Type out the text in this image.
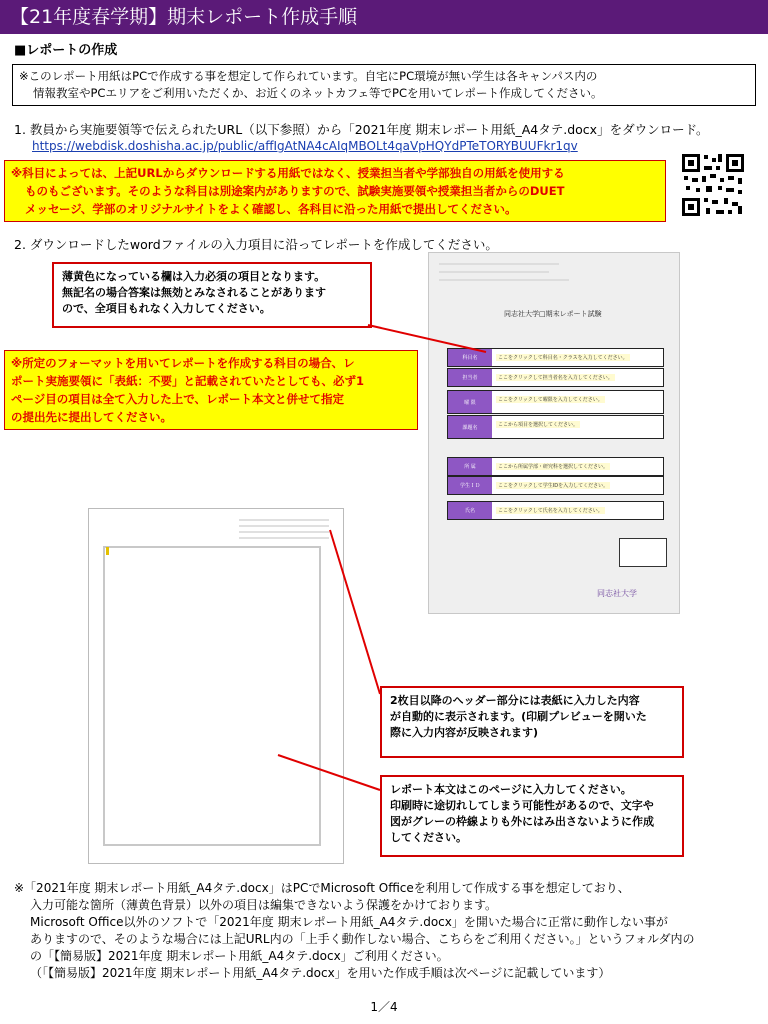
【21年度春学期】期末レポート作成手順
■レポートの作成
※このレポート用紙はPCで作成する事を想定して作られています。自宅にPC環境が無い学生は各キャンパス内の
情報教室やPCエリアをご利用いただくか、お近くのネットカフェ等でPCを用いてレポート作成してください。
1. 教員から実施要領等で伝えられたURL（以下参照）から「2021年度 期末レポート用紙_A4タテ.docx」をダウンロード。
https://webdisk.doshisha.ac.jp/public/affIgAtNA4cAIqMBOLt4qaVpHQYdPTeTORYBUUFkr1qv
※科目によっては、上記URLからダウンロードする用紙ではなく、授業担当者や学部独自の用紙を使用する
ものもございます。そのような科目は別途案内がありますので、試験実施要領や授業担当者からのDUET
メッセージ、学部のオリジナルサイトをよく確認し、各科目に沿った用紙で提出してください。
2. ダウンロードしたwordファイルの入力項目に沿ってレポートを作成してください。
同志社大学□期末レポート試験
科目名	ここをクリックして科目名・クラスを入力してください。
担当者	ここをクリックして担当者名を入力してください。
曜 限	ここをクリックして曜限を入力してください。
課題名	ここから項目を選択してください。
所 属	ここから所属学部・研究科を選択してください。
学生ＩＤ	ここをクリックして学生IDを入力してください。
氏名	ここをクリックして氏名を入力してください。
同志社大学
薄黄色になっている欄は入力必須の項目となります。
無記名の場合答案は無効とみなされることがあります
ので、全項目もれなく入力してください。
※所定のフォーマットを用いてレポートを作成する科目の場合、レ
ポート実施要領に「表紙：不要」と記載されていたとしても、必ず1
ページ目の項目は全て入力した上で、レポート本文と併せて指定
の提出先に提出してください。
2枚目以降のヘッダー部分には表紙に入力した内容
が自動的に表示されます。(印刷プレビューを開いた
際に入力内容が反映されます)
レポート本文はこのページに入力してください。
印刷時に途切れしてしまう可能性があるので、文字や
図がグレーの枠線よりも外にはみ出さないように作成
してください。
※「2021年度 期末レポート用紙_A4タテ.docx」はPCでMicrosoft Officeを利用して作成する事を想定しており、
入力可能な箇所（薄黄色背景）以外の項目は編集できないよう保護をかけております。
Microsoft Office以外のソフトで「2021年度 期末レポート用紙_A4タテ.docx」を開いた場合に正常に動作しない事が
ありますので、そのような場合には上記URL内の「上手く動作しない場合、こちらをご利用ください。」というフォルダ内の
の「【簡易版】2021年度 期末レポート用紙_A4タテ.docx」ご利用ください。
（「【簡易版】2021年度 期末レポート用紙_A4タテ.docx」を用いた作成手順は次ページに記載しています）
1／4
